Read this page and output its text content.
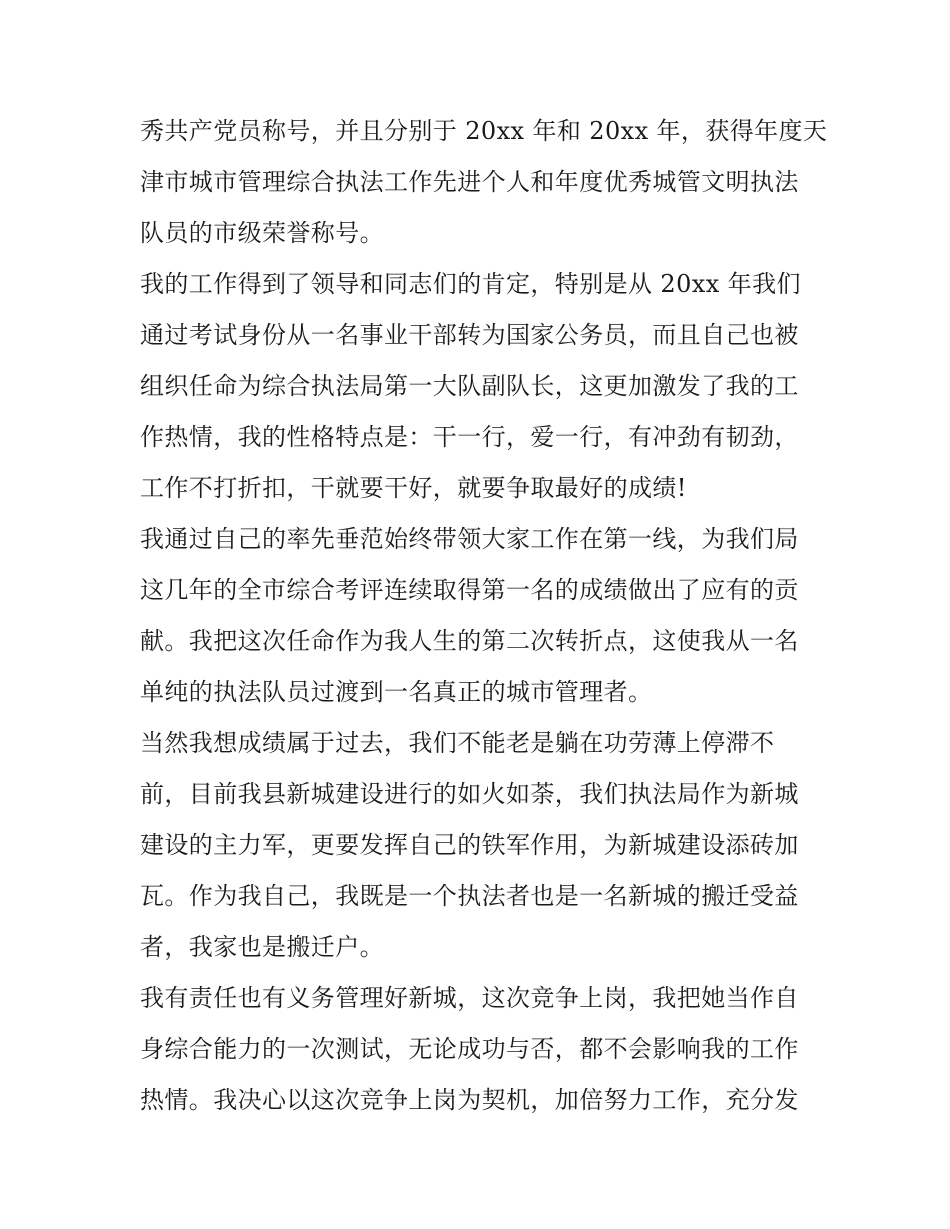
秀共产党员称号，并且分别于 20xx 年和 20xx 年，获得年度天
津市城市管理综合执法工作先进个人和年度优秀城管文明执法
队员的市级荣誉称号。
我的工作得到了领导和同志们的肯定，特别是从 20xx 年我们
通过考试身份从一名事业干部转为国家公务员，而且自己也被
组织任命为综合执法局第一大队副队长，这更加激发了我的工
作热情，我的性格特点是：干一行，爱一行，有冲劲有韧劲，
工作不打折扣，干就要干好，就要争取最好的成绩!
我通过自己的率先垂范始终带领大家工作在第一线，为我们局
这几年的全市综合考评连续取得第一名的成绩做出了应有的贡
献。我把这次任命作为我人生的第二次转折点，这使我从一名
单纯的执法队员过渡到一名真正的城市管理者。
当然我想成绩属于过去，我们不能老是躺在功劳薄上停滞不
前，目前我县新城建设进行的如火如荼，我们执法局作为新城
建设的主力军，更要发挥自己的铁军作用，为新城建设添砖加
瓦。作为我自己，我既是一个执法者也是一名新城的搬迁受益
者，我家也是搬迁户。
我有责任也有义务管理好新城，这次竞争上岗，我把她当作自
身综合能力的一次测试，无论成功与否，都不会影响我的工作
热情。我决心以这次竞争上岗为契机，加倍努力工作，充分发
